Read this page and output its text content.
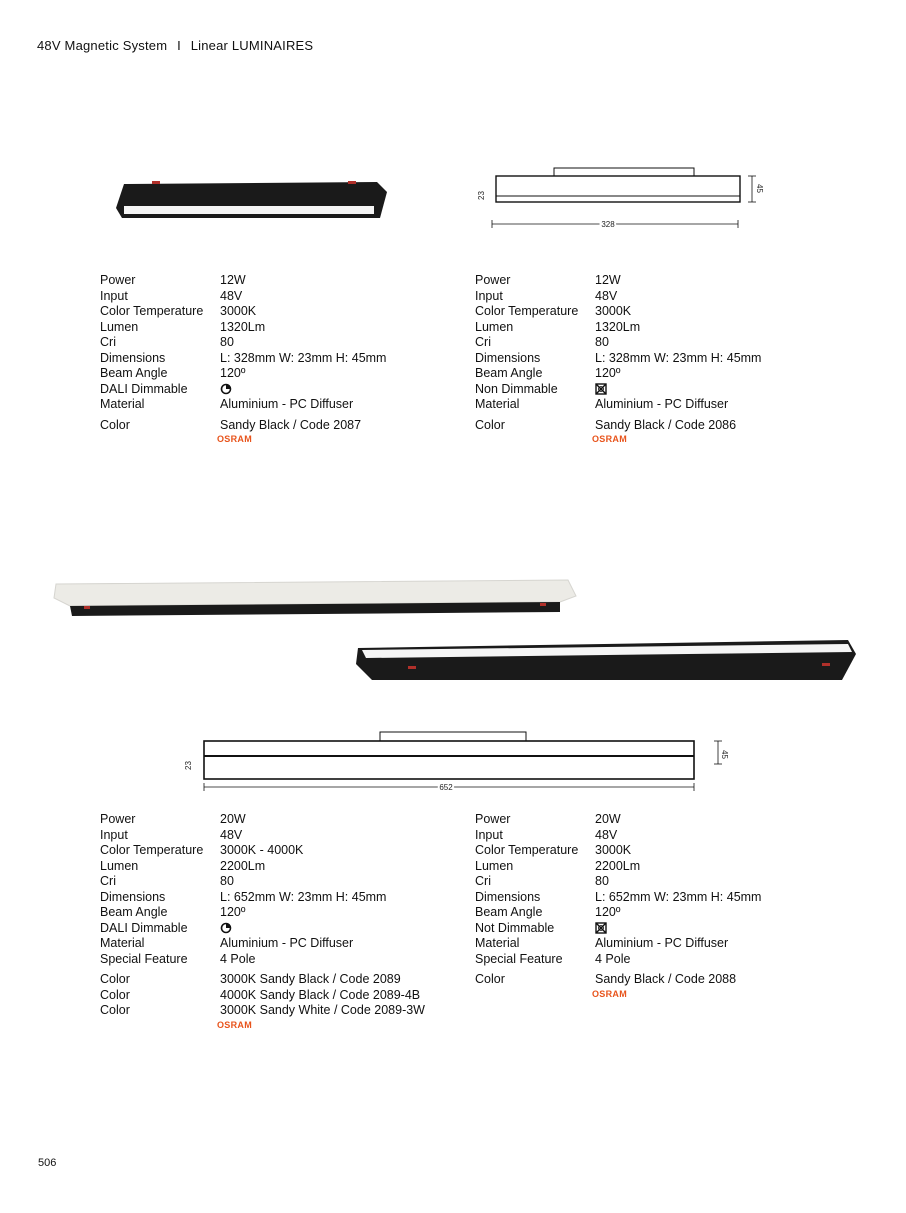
48V Magnetic System I Linear LUMINAIRES
23
45
328
23
45
652
Power	12W
Input	48V
Color Temperature	3000K
Lumen	1320Lm
Cri	80
Dimensions	L: 328mm W: 23mm H: 45mm
Beam Angle	120º
DALI Dimmable
Material	Aluminium - PC Diffuser
Color	Sandy Black / Code 2087
OSRAM
Power	12W
Input	48V
Color Temperature	3000K
Lumen	1320Lm
Cri	80
Dimensions	L: 328mm W: 23mm H: 45mm
Beam Angle	120º
Non Dimmable
Material	Aluminium - PC Diffuser
Color	Sandy Black / Code 2086
OSRAM
Power	20W
Input	48V
Color Temperature	3000K - 4000K
Lumen	2200Lm
Cri	80
Dimensions	L: 652mm W: 23mm H: 45mm
Beam Angle	120º
DALI Dimmable
Material	Aluminium - PC Diffuser
Special Feature	4 Pole
Color	3000K Sandy Black / Code 2089
Color	4000K Sandy Black / Code 2089-4B
Color	3000K Sandy White / Code 2089-3W
OSRAM
Power	20W
Input	48V
Color Temperature	3000K
Lumen	2200Lm
Cri	80
Dimensions	L: 652mm W: 23mm H: 45mm
Beam Angle	120º
Not Dimmable
Material	Aluminium - PC Diffuser
Special Feature	4 Pole
Color	Sandy Black / Code 2088
OSRAM
506
